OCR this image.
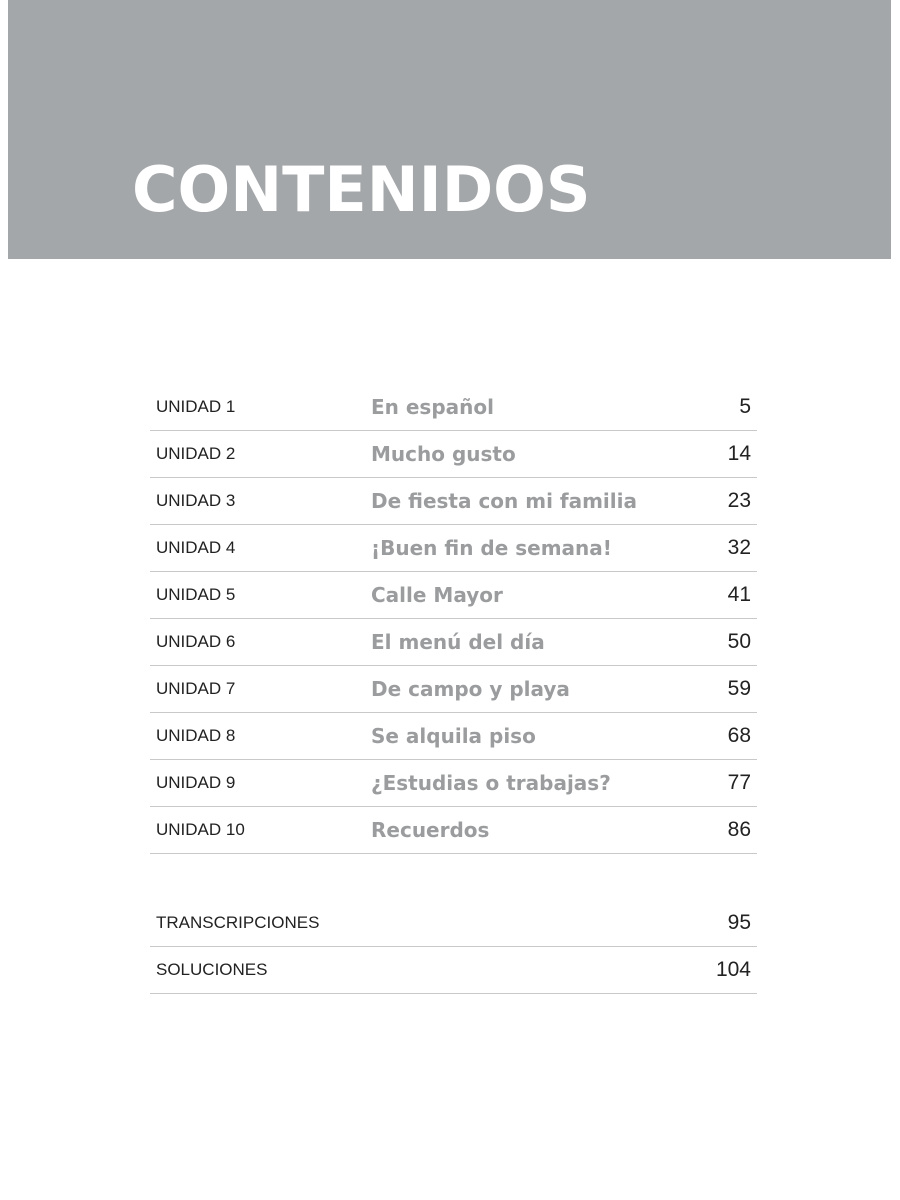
CONTENIDOS
UNIDAD 1	En español	5
UNIDAD 2	Mucho gusto	14
UNIDAD 3	De fiesta con mi familia	23
UNIDAD 4	¡Buen fin de semana!	32
UNIDAD 5	Calle Mayor	41
UNIDAD 6	El menú del día	50
UNIDAD 7	De campo y playa	59
UNIDAD 8	Se alquila piso	68
UNIDAD 9	¿Estudias o trabajas?	77
UNIDAD 10	Recuerdos	86
TRANSCRIPCIONES	95
SOLUCIONES	104
